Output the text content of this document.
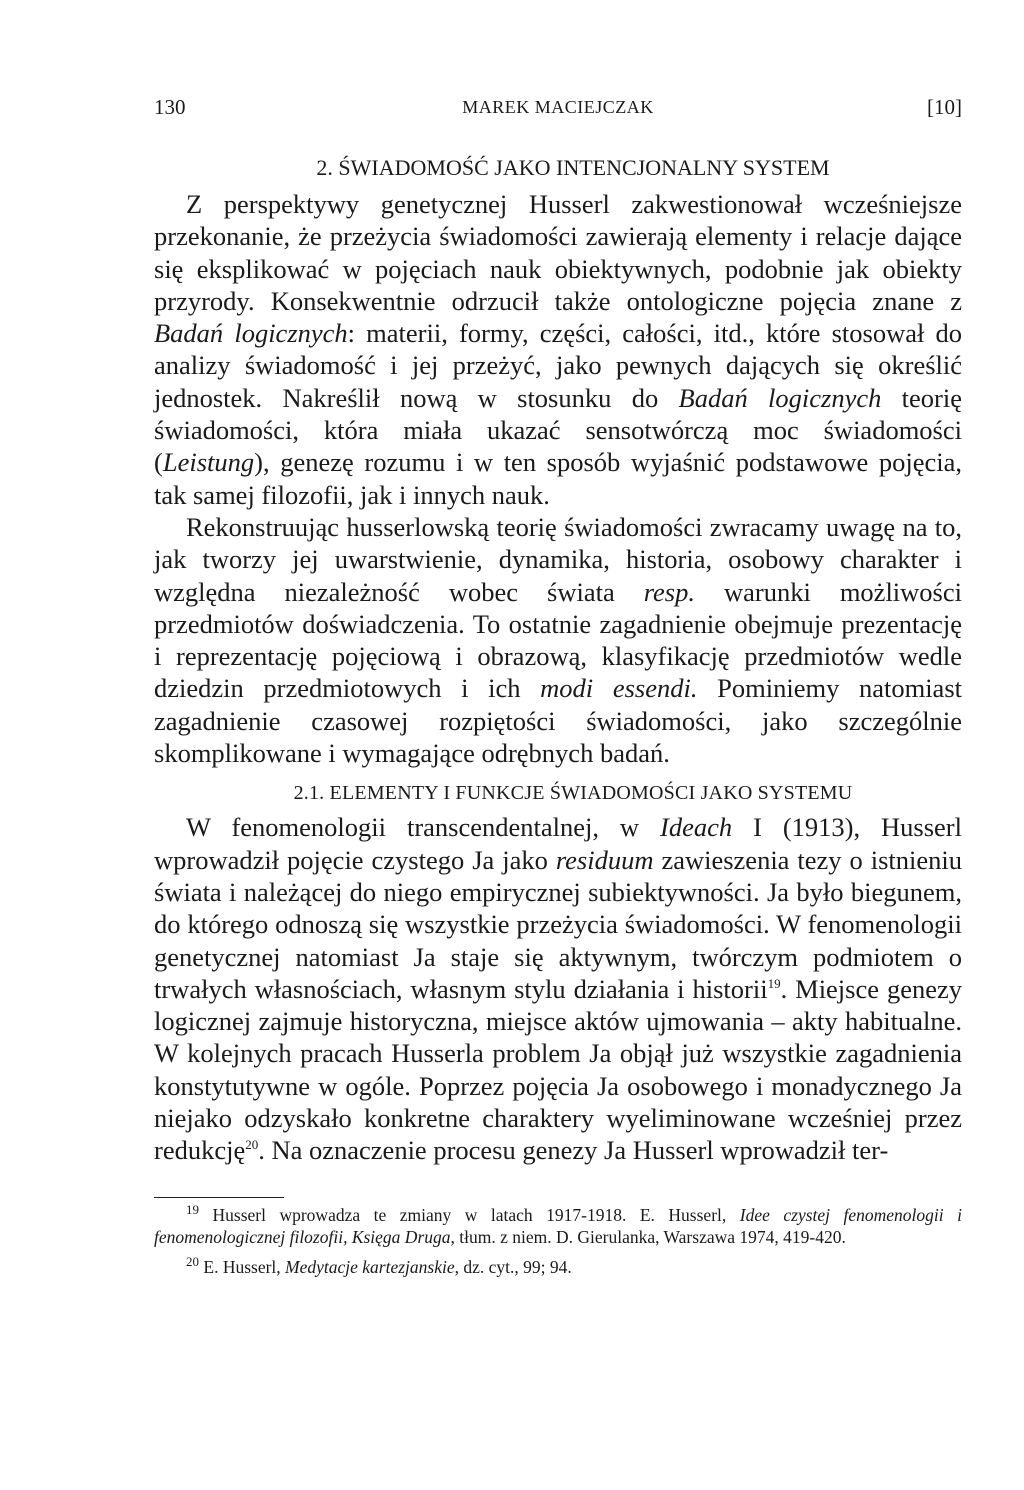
130	MAREK MACIEJCZAK	[10]
2. ŚWIADOMOŚĆ JAKO INTENCJONALNY SYSTEM

Z perspektywy genetycznej Husserl zakwestionował wcześniejsze przekonanie, że przeżycia świadomości zawierają elementy i relacje dające się eksplikować w pojęciach nauk obiektywnych, podobnie jak obiekty przyrody. Konsekwentnie odrzucił także ontologiczne pojęcia znane z Badań logicznych: materii, formy, części, całości, itd., które stosował do analizy świadomość i jej przeżyć, jako pewnych dających się określić jednostek. Nakreślił nową w stosunku do Badań logicznych teorię świadomości, która miała ukazać sensotwórczą moc świadomości (Leistung), genezę rozumu i w ten sposób wyjaśnić podstawowe pojęcia, tak samej filozofii, jak i innych nauk.

Rekonstruując husserlowską teorię świadomości zwracamy uwagę na to, jak tworzy jej uwarstwienie, dynamika, historia, osobowy charakter i względna niezależność wobec świata resp. warunki możliwości przedmiotów doświadczenia. To ostatnie zagadnienie obejmuje prezentację i reprezentację pojęciową i obrazową, klasyfikację przedmiotów wedle dziedzin przedmiotowych i ich modi essendi. Pominiemy natomiast zagadnienie czasowej rozpiętości świadomości, jako szczególnie skomplikowane i wymagające odrębnych badań.

2.1. ELEMENTY I FUNKCJE ŚWIADOMOŚCI JAKO SYSTEMU

W fenomenologii transcendentalnej, w Ideach I (1913), Husserl wprowadził pojęcie czystego Ja jako residuum zawieszenia tezy o istnieniu świata i należącej do niego empirycznej subiektywności. Ja było biegunem, do którego odnoszą się wszystkie przeżycia świadomości. W fenomenologii genetycznej natomiast Ja staje się aktywnym, twórczym podmiotem o trwałych własnościach, własnym stylu działania i historii$^{19}$. Miejsce genezy logicznej zajmuje historyczna, miejsce aktów ujmowania – akty habitualne. W kolejnych pracach Husserla problem Ja objął już wszystkie zagadnienia konstytutywne w ogóle. Poprzez pojęcia Ja osobowego i monadycznego Ja niejako odzyskało konkretne charaktery wyeliminowane wcześniej przez redukcję$^{20}$. Na oznaczenie procesu genezy Ja Husserl wprowadził ter-

$^{19}$ Husserl wprowadza te zmiany w latach 1917-1918. E. Husserl, Idee czystej fenomenologii i fenomenologicznej filozofii, Księga Druga, tłum. z niem. D. Gierulanka, Warszawa 1974, 419-420.

$^{20}$ E. Husserl, Medytacje kartezjanskie, dz. cyt., 99; 94.
